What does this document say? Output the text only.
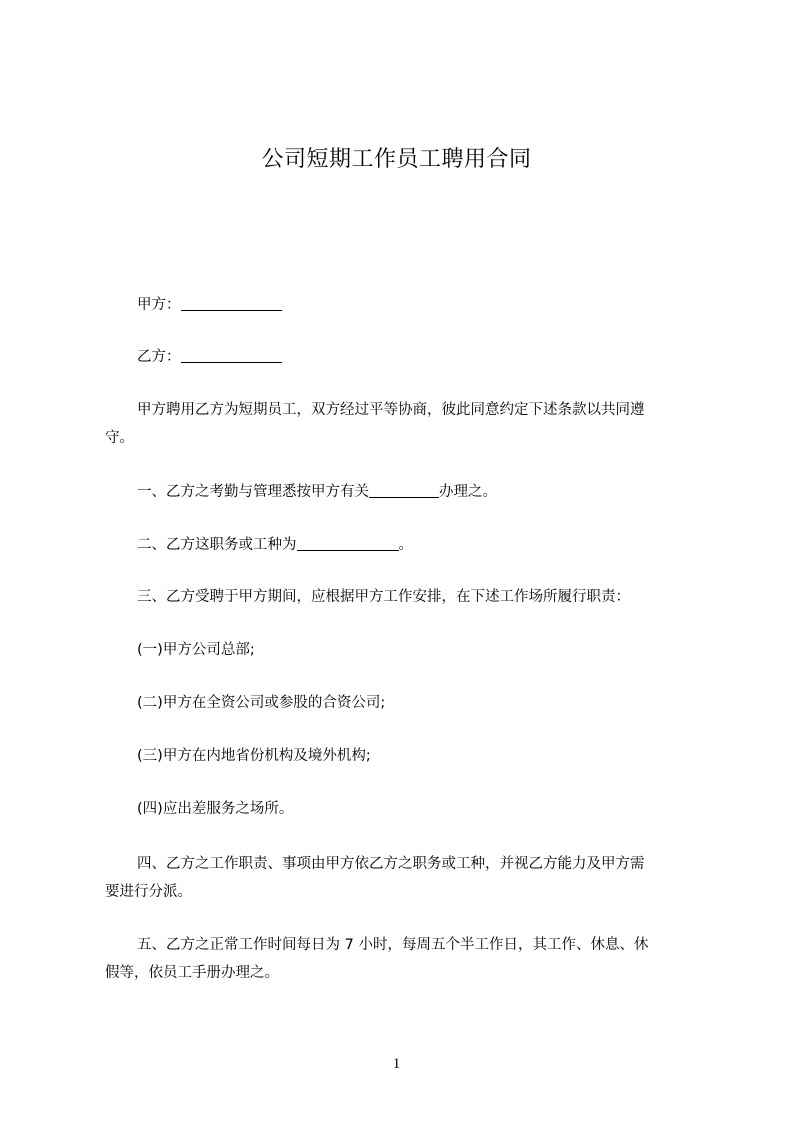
公司短期工作员工聘用合同
甲方：
乙方：
甲方聘用乙方为短期员工，双方经过平等协商，彼此同意约定下述条款以共同遵
守。
一、乙方之考勤与管理悉按甲方有关	办理之。
二、乙方这职务或工种为	。
三、乙方受聘于甲方期间，应根据甲方工作安排，在下述工作场所履行职责：
(一)甲方公司总部;
(二)甲方在全资公司或参股的合资公司;
(三)甲方在内地省份机构及境外机构;
(四)应出差服务之场所。
四、乙方之工作职责、事项由甲方依乙方之职务或工种，并视乙方能力及甲方需
要进行分派。
五、乙方之正常工作时间每日为 7 小时，每周五个半工作日，其工作、休息、休
假等，依员工手册办理之。
1
